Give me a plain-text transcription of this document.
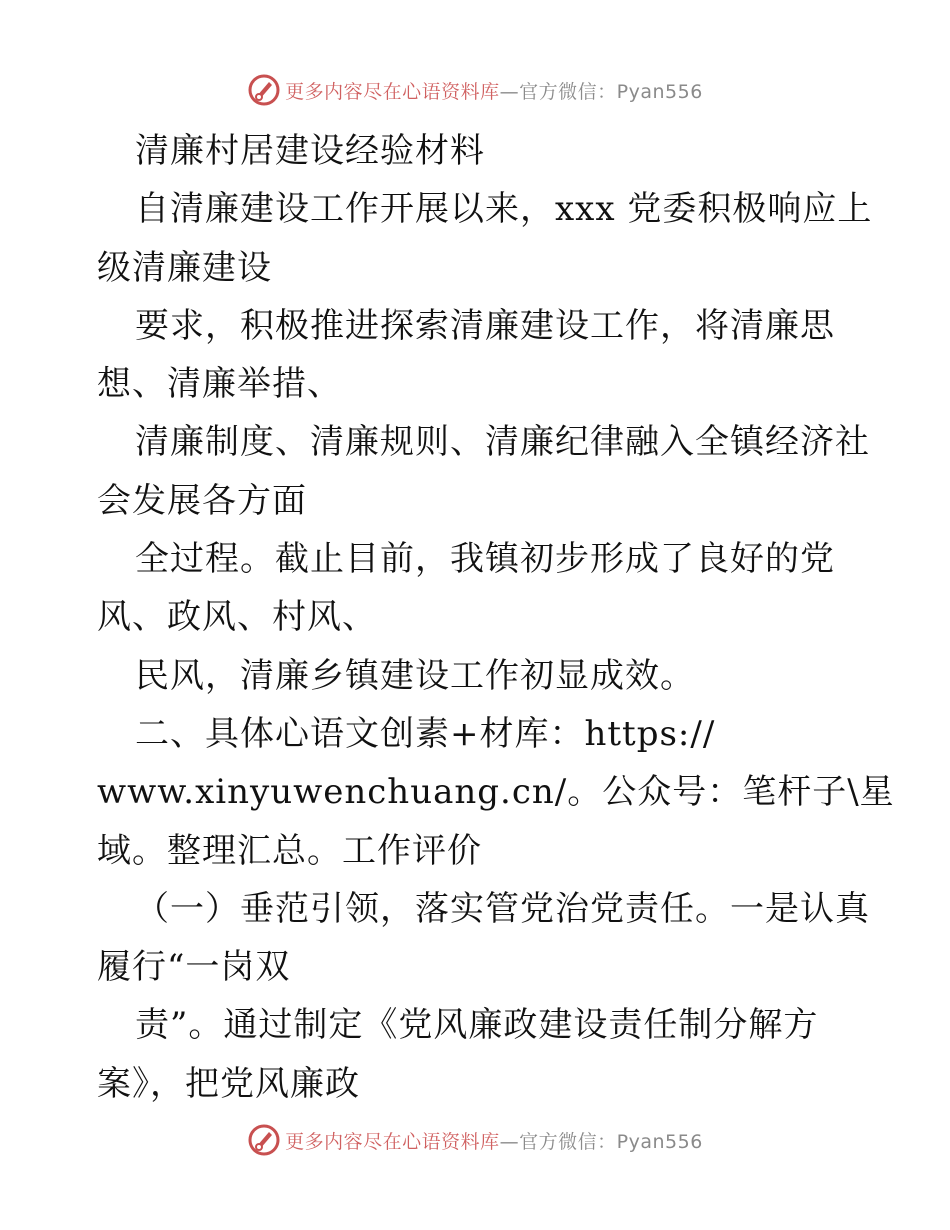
更多内容尽在心语资料库—官方微信：Pyan556
清廉村居建设经验材料
自清廉建设工作开展以来，xxx 党委积极响应上
级清廉建设
要求，积极推进探索清廉建设工作，将清廉思
想、清廉举措、
清廉制度、清廉规则、清廉纪律融入全镇经济社
会发展各方面
全过程。截止目前，我镇初步形成了良好的党
风、政风、村风、
民风，清廉乡镇建设工作初显成效。
二、具体心语文创素+材库：https://
www.xinyuwenchuang.cn/。公众号：笔杆子\星
域。整理汇总。工作评价
（一）垂范引领，落实管党治党责任。一是认真
履行“一岗双
责”。通过制定《党风廉政建设责任制分解方
案》，把党风廉政
更多内容尽在心语资料库—官方微信：Pyan556
